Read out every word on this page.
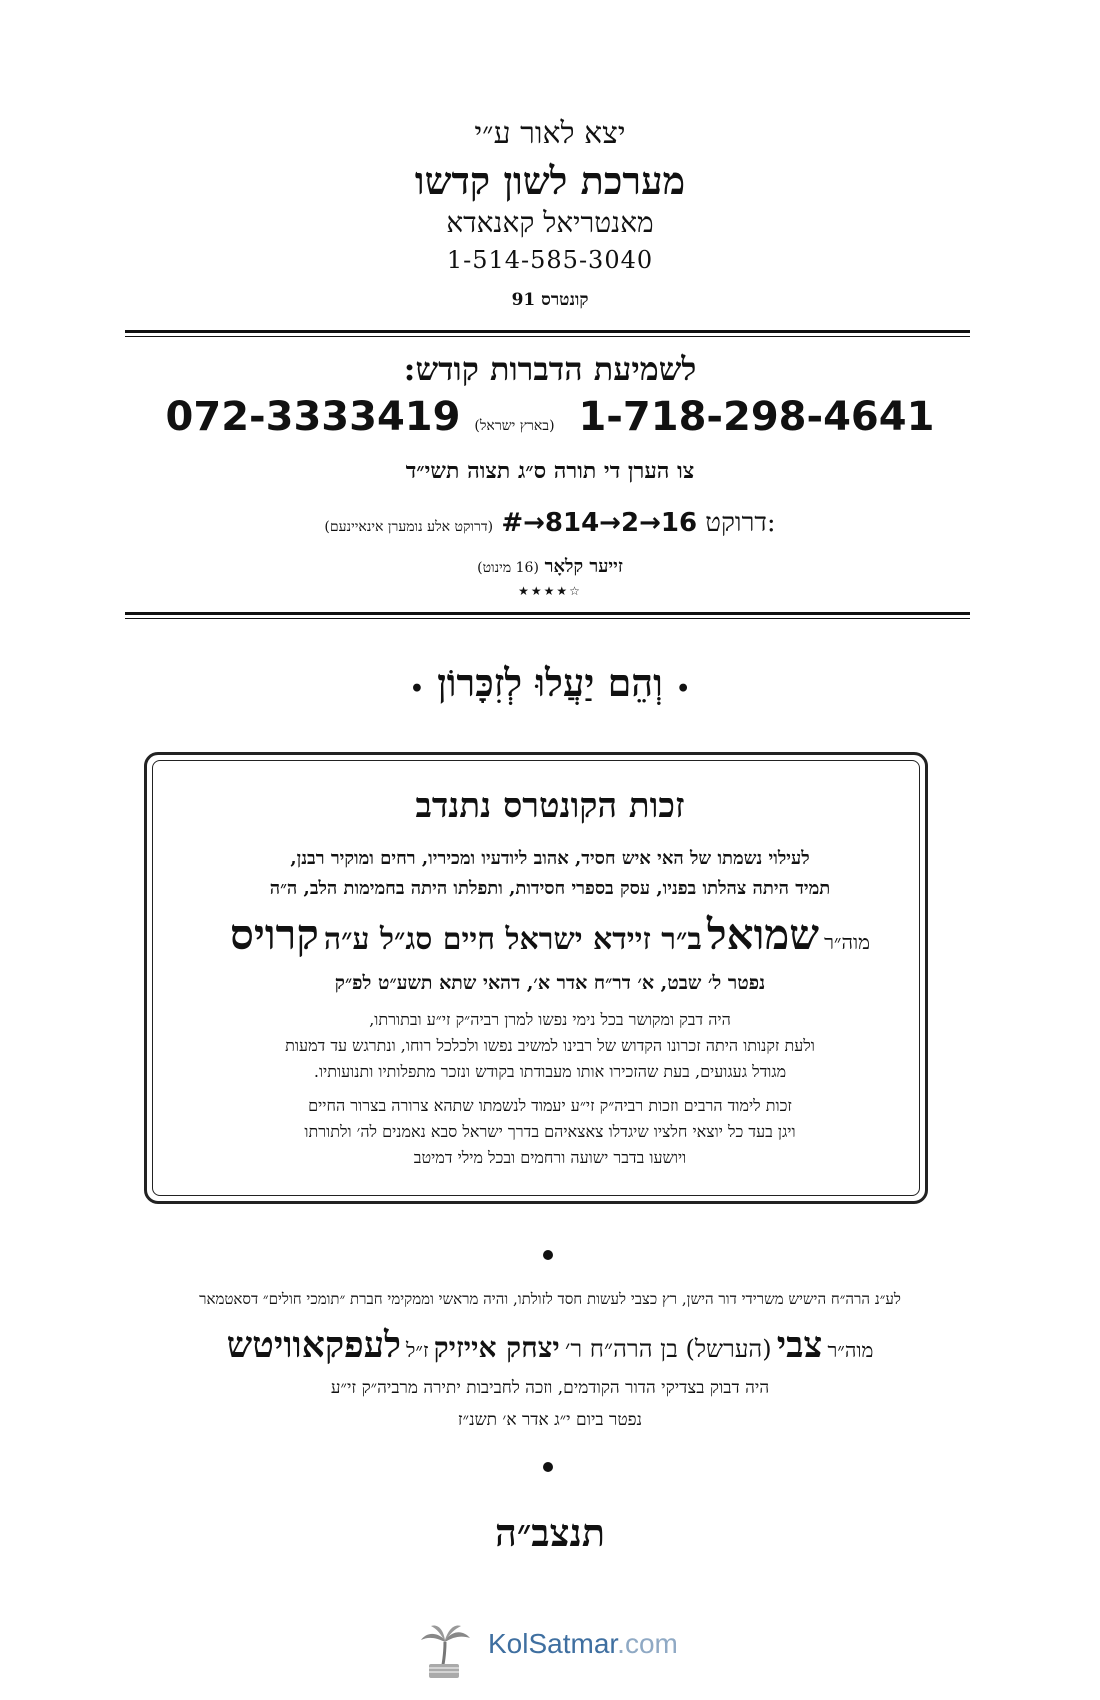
יצא לאור ע״י
מערכת לשון קדשו
מאנטריאל קאנאדא
1-514-585-3040
קונטרס 91
לשמיעת הדברות קודש:
072-3333419 (בארץ ישראל) 1-718-298-4641
צו הערן די תורה ס״ג תצוה תשי״ד
(דרוקט אלע נומערן אינאיינעם) #→814→2→16 דרוקט:
זייער קלאָר (16 מינוט)
★★★★☆
• וְהֵם יַעֲלוּ לְזִכָּרוֹן •
זכות הקונטרס נתנדב
לעילוי נשמתו של האי איש חסיד, אהוב ליודעיו ומכיריו, רחים ומוקיר רבנן,
תמיד היתה צהלתו בפניו, עסק בספרי חסידות, ותפלתו היתה בחמימות הלב, ה״ה
מוה״ר שמואל ב״ר זיידא ישראל חיים סג״ל ע״ה קרויס
נפטר ל׳ שבט, א׳ דר״ח אדר א׳, דהאי שתא תשע״ט לפ״ק
היה דבק ומקושר בכל נימי נפשו למרן רביה״ק זי״ע ובתורתו,
ולעת זקנותו היתה זכרונו הקדוש של רבינו למשיב נפשו ולכלכל רוחו, ונתרגש עד דמעות
מגודל געגועים, בעת שהזכירו אותו מעבודתו בקודש ונזכר מתפלותיו ותנועותיו.
זכות לימוד הרבים וזכות רביה״ק זי״ע יעמוד לנשמתו שתהא צרורה בצרור החיים
ויגן בעד כל יוצאי חלציו שיגדלו צאצאיהם בדרך ישראל סבא נאמנים לה׳ ולתורתו
ויושעו בדבר ישועה ורחמים ובכל מילי דמיטב
לע״נ הרה״ח הישיש משרידי דור הישן, רץ כצבי לעשות חסד לזולתו, והיה מראשי וממקימי חברת ״תומכי חולים״ דסאטמאר
מוה״ר צבי (הערשל) בן הרה״ח ר׳ יצחק אייזיק ז״ל לעפקאוויטש
היה דבוק בצדיקי הדור הקודמים, וזכה לחביבות יתירה מרביה״ק זי״ע
נפטר ביום י״ג אדר א׳ תשנ״ז
תנצב״ה
KolSatmar.com
